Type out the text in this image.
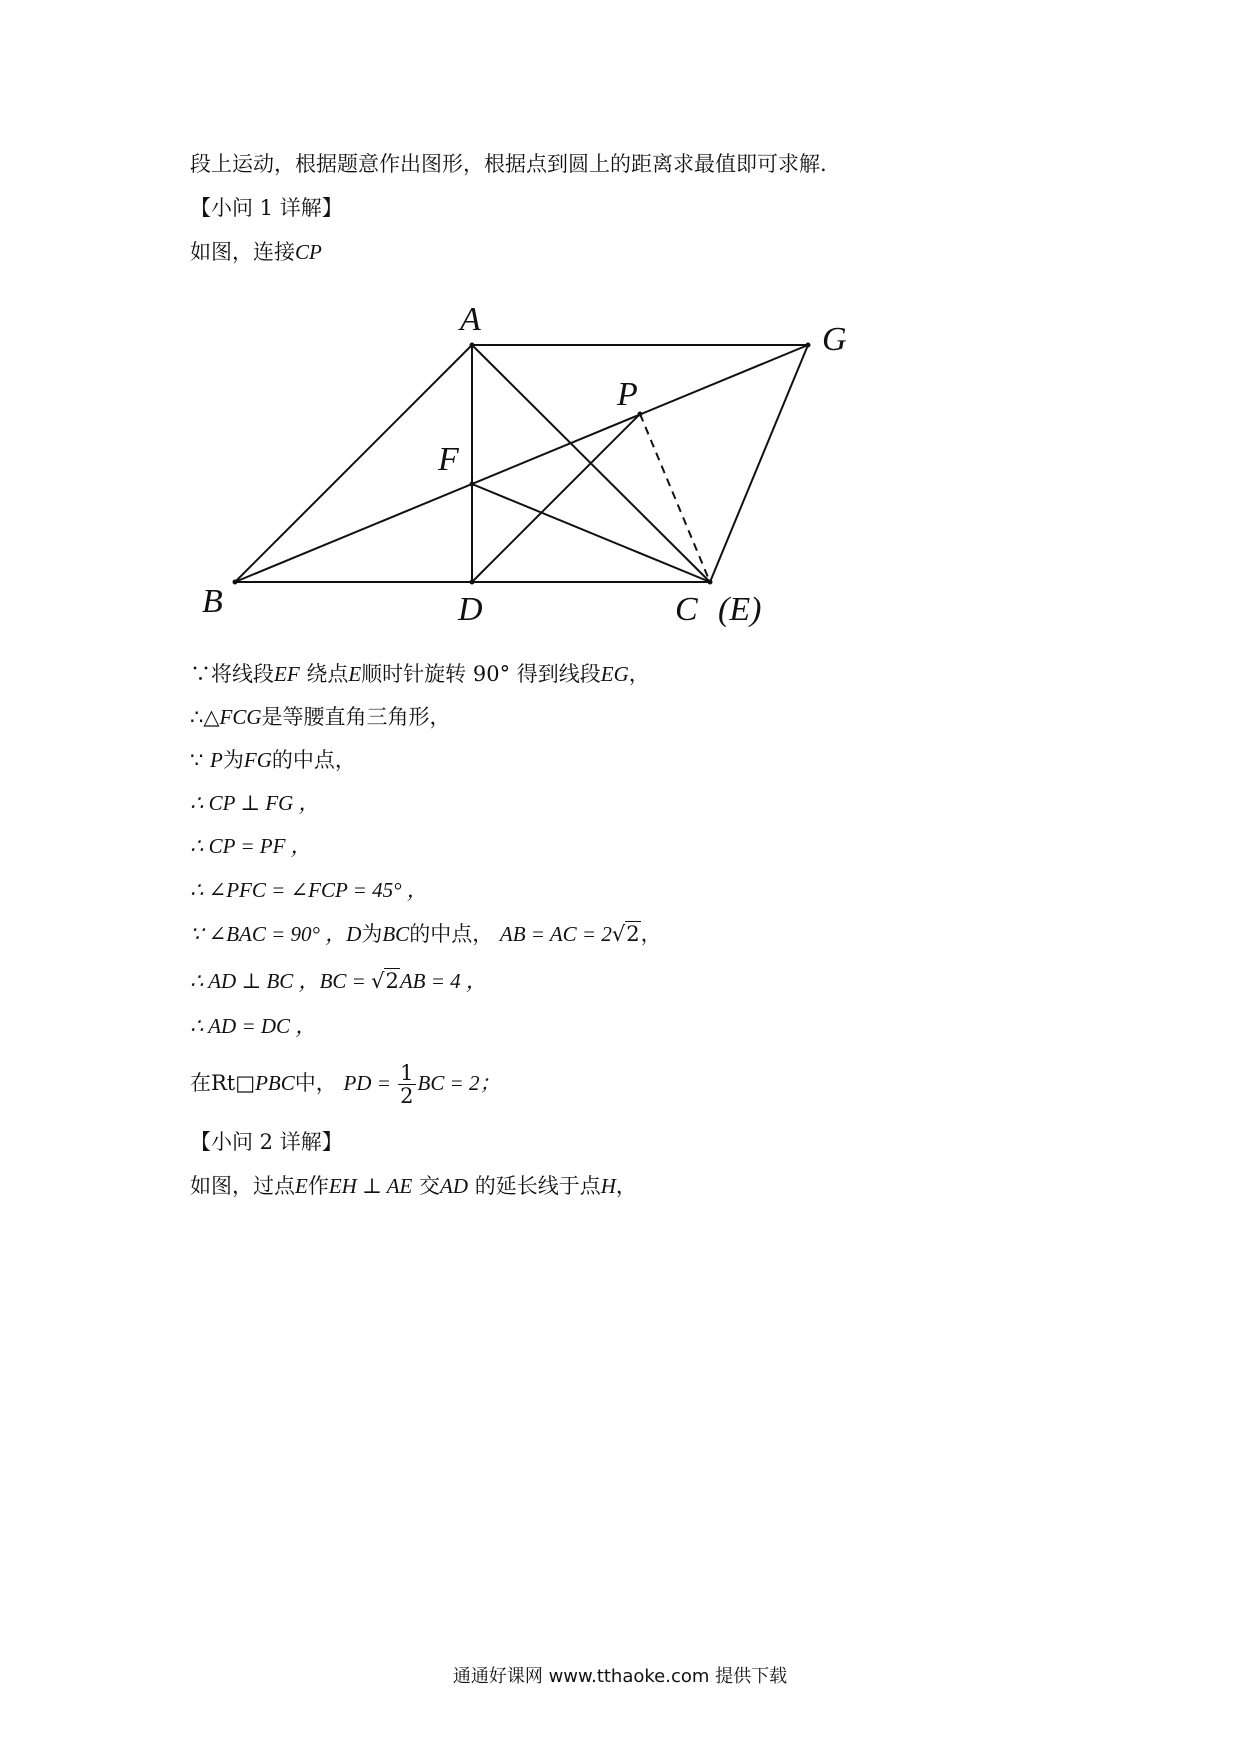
段上运动，根据题意作出图形，根据点到圆上的距离求最值即可求解.
【小问 1 详解】
如图，连接CP
A
G
P
F
B	D	C (E)
∵将线段EF 绕点E顺时针旋转 90° 得到线段EG，
∴△FCG是等腰直角三角形，
∵ P为FG的中点，
∴ CP ⊥ FG ，
∴ CP = PF ，
∴ ∠PFC = ∠FCP = 45° ，
∵ ∠BAC = 90° ，D为BC的中点， AB = AC = 2√2，
∴ AD ⊥ BC ，BC = √2AB = 4 ，
∴ AD = DC ，
在Rt□PBC中， PD = $\frac{1}{2}$ BC = 2；
【小问 2 详解】
如图，过点E作EH ⊥ AE 交AD 的延长线于点H，
通通好课网 www.tthaoke.com 提供下载
